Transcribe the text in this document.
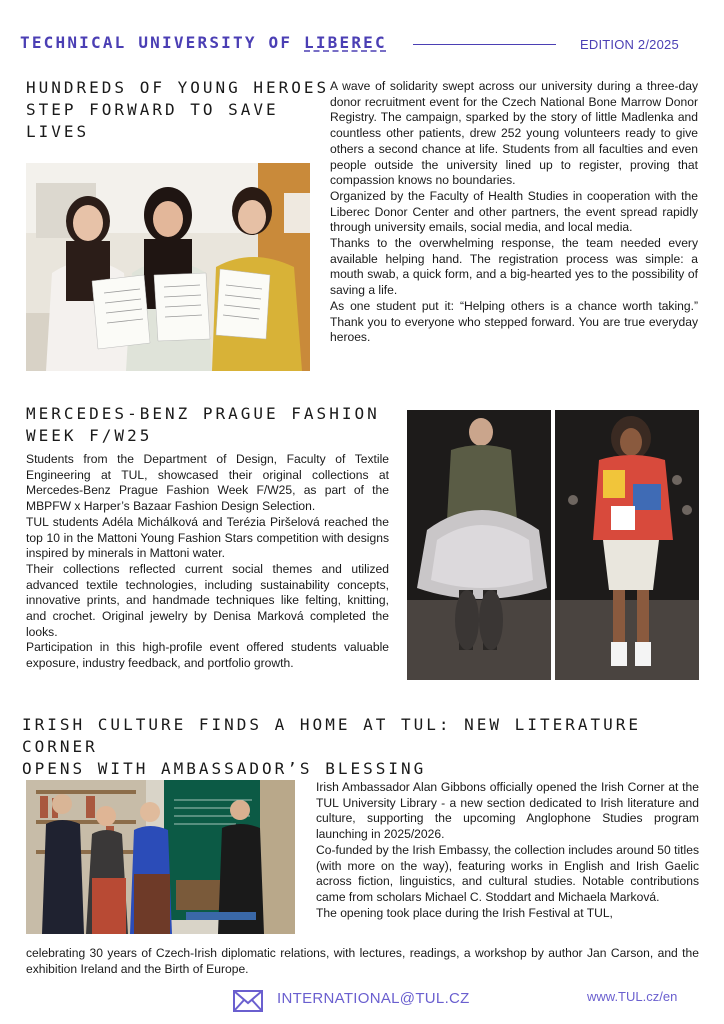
TECHNICAL UNIVERSITY OF LIBEREC	EDITION 2/2025
HUNDREDS OF YOUNG HEROES
STEP FORWARD TO SAVE
LIVES

A wave of solidarity swept across our university during a three-day donor recruitment event for the Czech National Bone Marrow Donor Registry. The campaign, sparked by the story of little Madlenka and countless other patients, drew 252 young volunteers ready to give others a second chance at life. Students from all faculties and even people outside the university lined up to register, proving that compassion knows no boundaries.

Organized by the Faculty of Health Studies in cooperation with the Liberec Donor Center and other partners, the event spread rapidly through university emails, social media, and local media.

Thanks to the overwhelming response, the team needed every available helping hand. The registration process was simple: a mouth swab, a quick form, and a big-hearted yes to the possibility of saving a life.

As one student put it: “Helping others is a chance worth taking.” Thank you to everyone who stepped forward. You are true everyday heroes.

MERCEDES-BENZ PRAGUE FASHION
WEEK F/W25

Students from the Department of Design, Faculty of Textile Engineering at TUL, showcased their original collections at Mercedes-Benz Prague Fashion Week F/W25, as part of the MBPFW x Harper’s Bazaar Fashion Design Selection.

TUL students Adéla Michálková and Terézia Piršelová reached the top 10 in the Mattoni Young Fashion Stars competition with designs inspired by minerals in Mattoni water.

Their collections reflected current social themes and utilized advanced textile technologies, including sustainability concepts, innovative prints, and handmade techniques like felting, knitting, and crochet. Original jewelry by Denisa Marková completed the looks.

Participation in this high-profile event offered students valuable exposure, industry feedback, and portfolio growth.

IRISH CULTURE FINDS A HOME AT TUL: NEW LITERATURE CORNER
OPENS WITH AMBASSADOR’S BLESSING

Irish Ambassador Alan Gibbons officially opened the Irish Corner at the TUL University Library - a new section dedicated to Irish literature and culture, supporting the upcoming Anglophone Studies program launching in 2025/2026.

Co-funded by the Irish Embassy, the collection includes around 50 titles (with more on the way), featuring works in English and Irish Gaelic across fiction, linguistics, and cultural studies. Notable contributions came from scholars Michael C. Stoddart and Michaela Marková.

The opening took place during the Irish Festival at TUL,

celebrating 30 years of Czech-Irish diplomatic relations, with lectures, readings, a workshop by author Jan Carson, and the exhibition Ireland and the Birth of Europe.

INTERNATIONAL@TUL.CZ	www.TUL.cz/en
